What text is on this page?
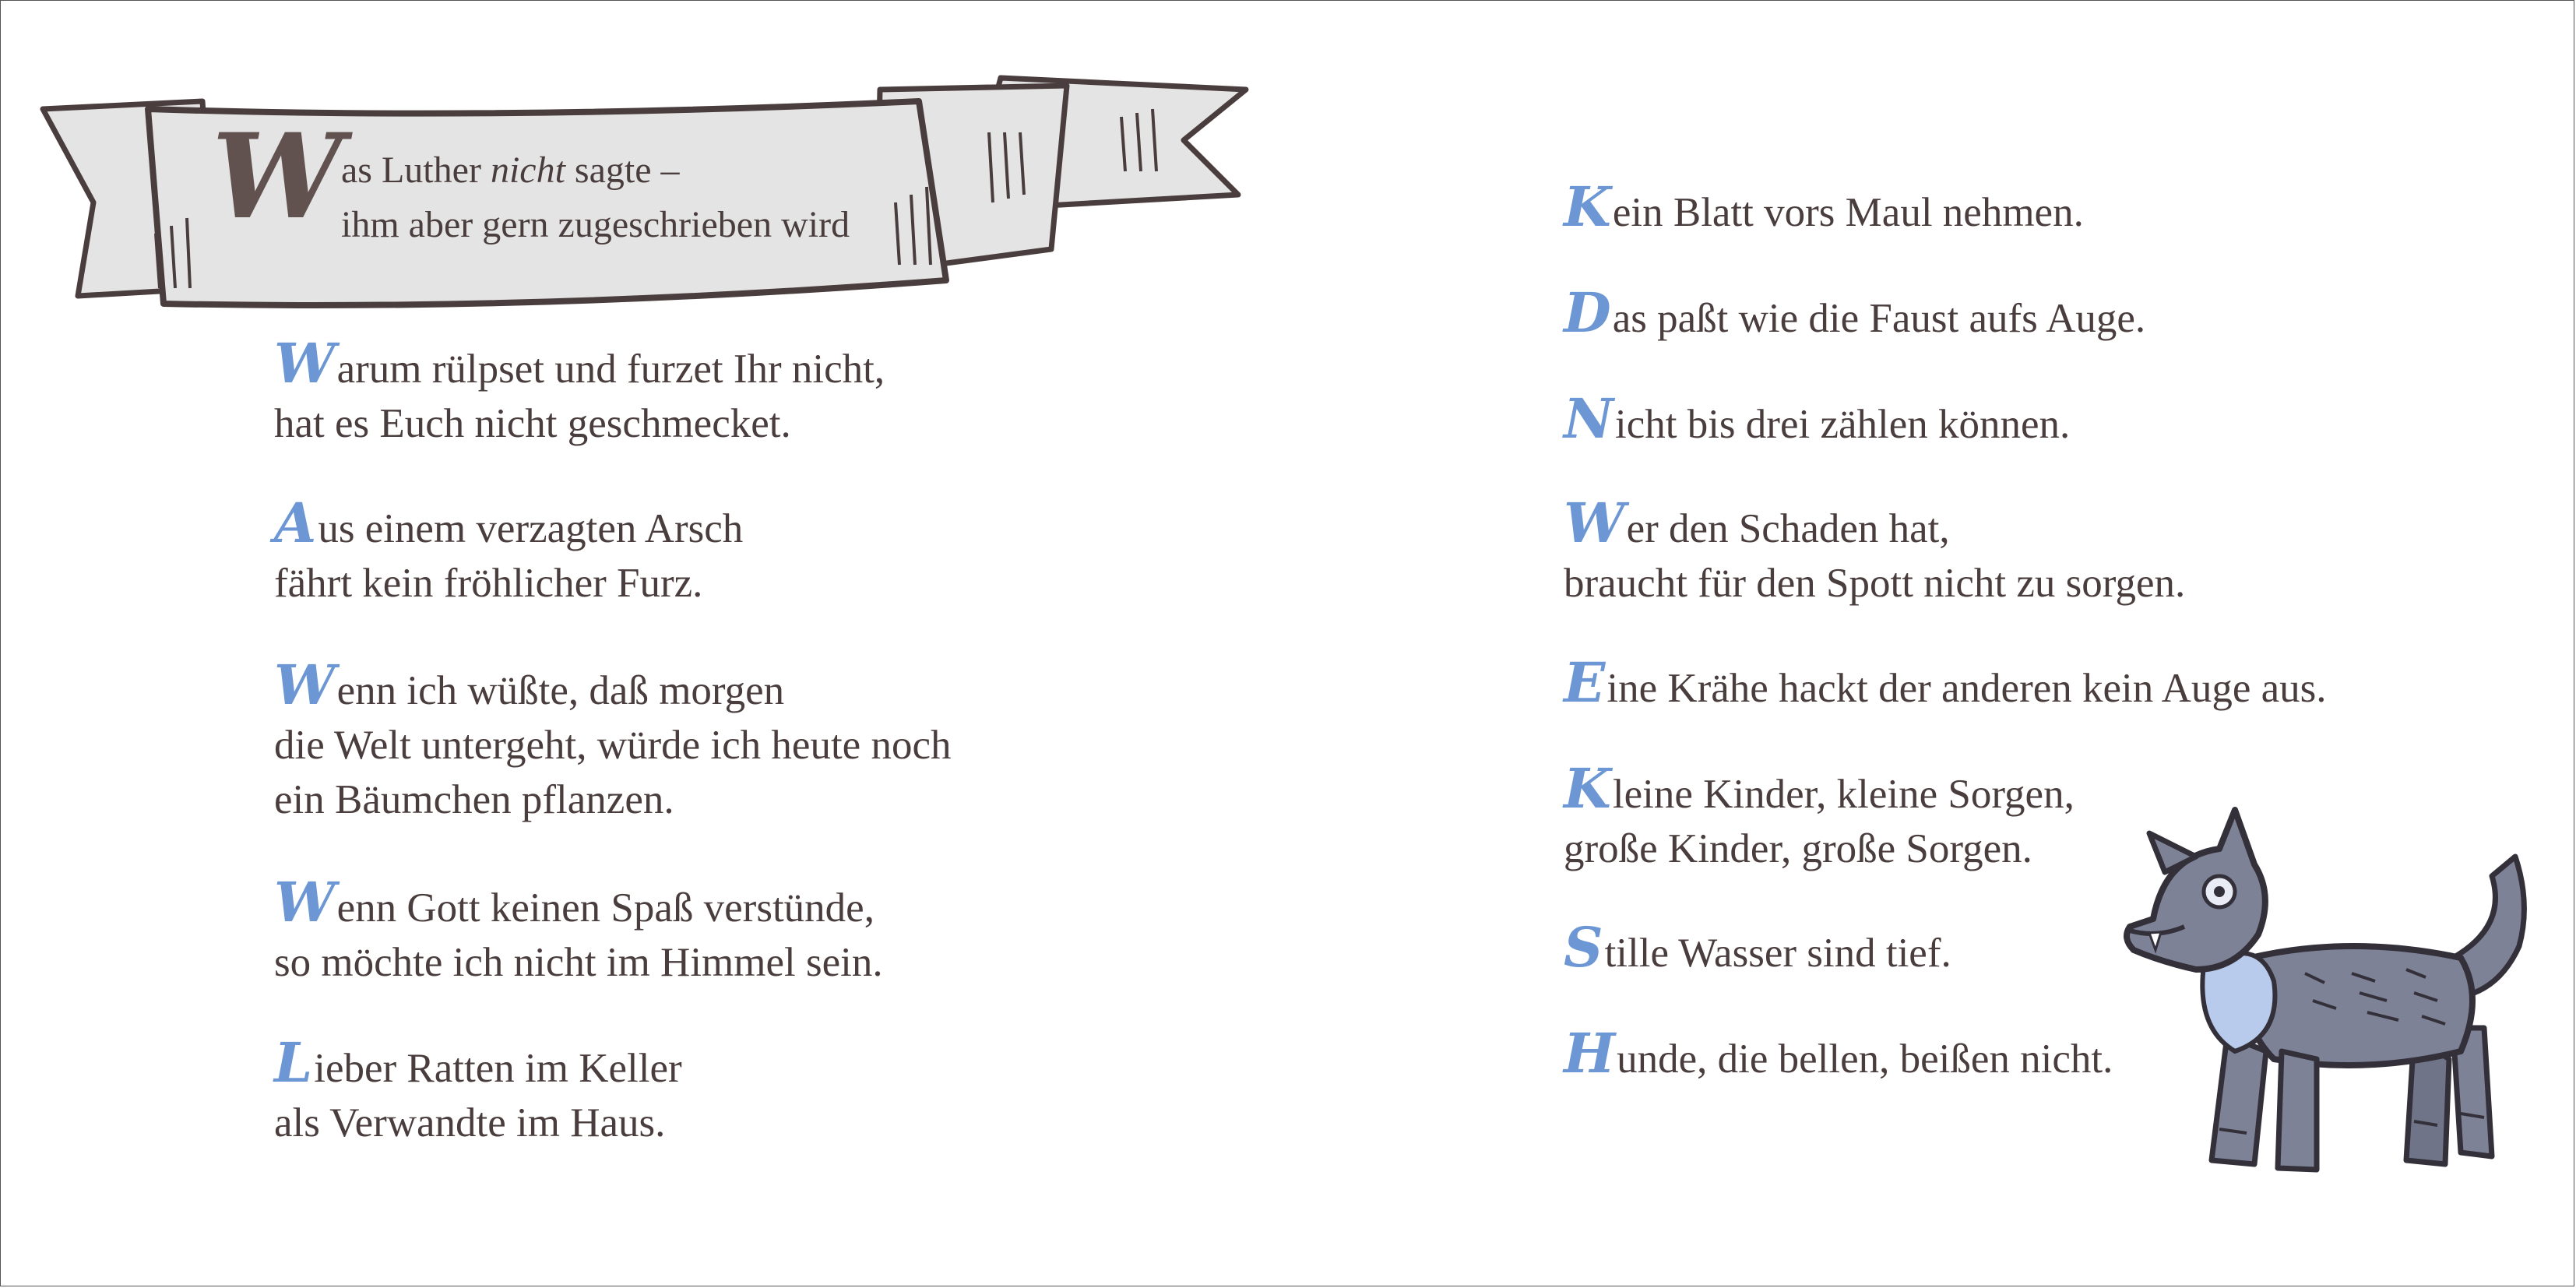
W
as Luther nicht sagte –
ihm aber gern zugeschrieben wird
Warum rülpset und furzet Ihr nicht,
hat es Euch nicht geschmecket.
Aus einem verzagten Arsch
fährt kein fröhlicher Furz.
Wenn ich wüßte, daß morgen
die Welt untergeht, würde ich heute noch
ein Bäumchen pflanzen.
Wenn Gott keinen Spaß verstünde,
so möchte ich nicht im Himmel sein.
Lieber Ratten im Keller
als Verwandte im Haus.
Kein Blatt vors Maul nehmen.
Das paßt wie die Faust aufs Auge.
Nicht bis drei zählen können.
Wer den Schaden hat,
braucht für den Spott nicht zu sorgen.
Eine Krähe hackt der anderen kein Auge aus.
Kleine Kinder, kleine Sorgen,
große Kinder, große Sorgen.
Stille Wasser sind tief.
Hunde, die bellen, beißen nicht.
